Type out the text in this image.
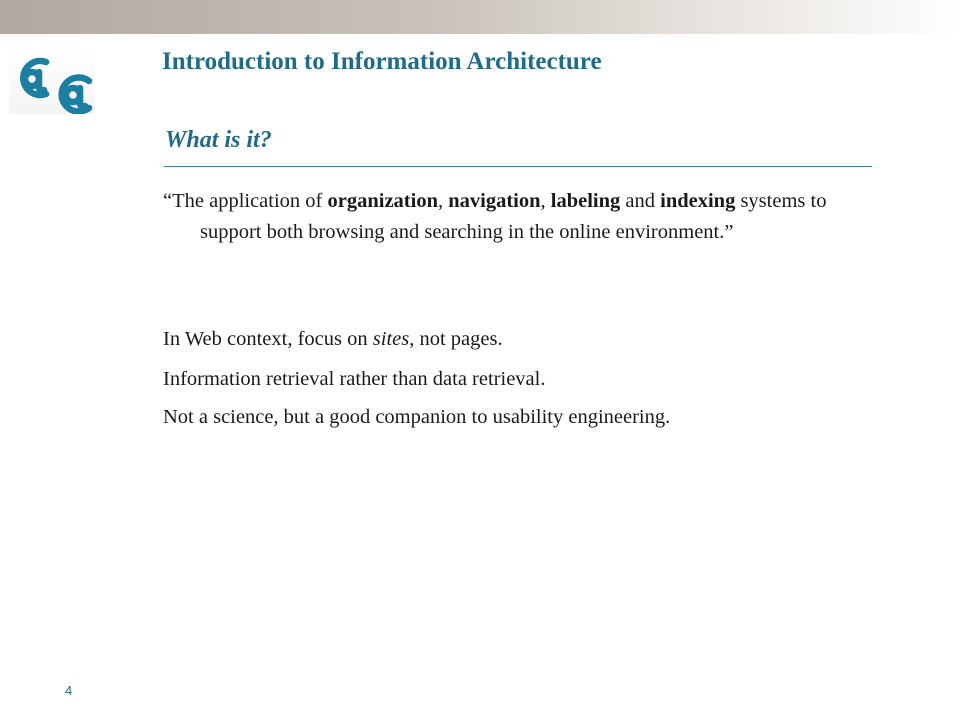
Introduction to Information Architecture
What is it?

“The application of organization, navigation, labeling and indexing systems to support both browsing and searching in the online environment.”

In Web context, focus on sites, not pages.

Information retrieval rather than data retrieval.

Not a science, but a good companion to usability engineering.

4
